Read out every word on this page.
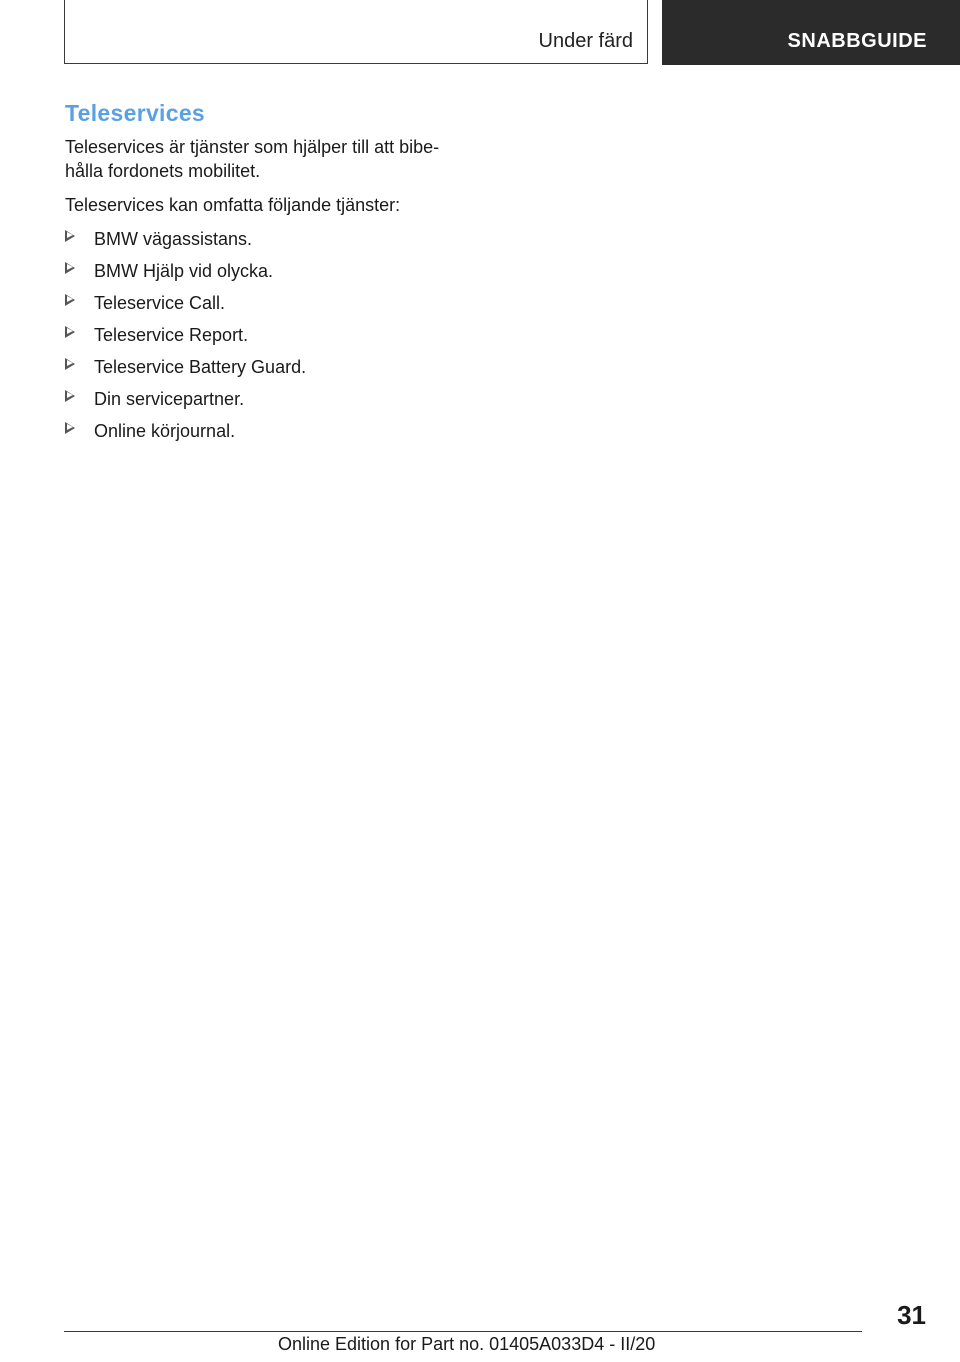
Under färd	SNABBGUIDE
Teleservices

Teleservices är tjänster som hjälper till att bibe-
hålla fordonets mobilitet.

Teleservices kan omfatta följande tjänster:

BMW vägassistans.
BMW Hjälp vid olycka.
Teleservice Call.
Teleservice Report.
Teleservice Battery Guard.
Din servicepartner.
Online körjournal.
31
Online Edition for Part no. 01405A033D4 - II/20
